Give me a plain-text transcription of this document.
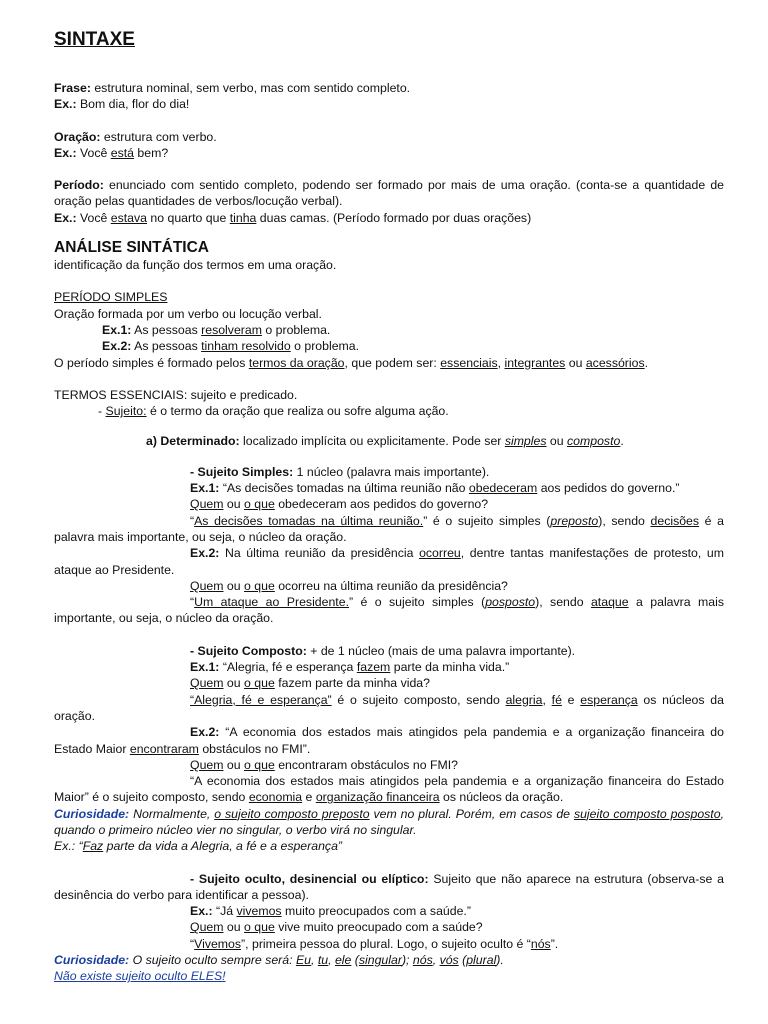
SINTAXE

Frase: estrutura nominal, sem verbo, mas com sentido completo.

Ex.: Bom dia, flor do dia!

Oração: estrutura com verbo.

Ex.: Você está bem?

Período: enunciado com sentido completo, podendo ser formado por mais de uma oração. (conta-se a quantidade de oração pelas quantidades de verbos/locução verbal).

Ex.: Você estava no quarto que tinha duas camas. (Período formado por duas orações)

ANÁLISE SINTÁTICA

identificação da função dos termos em uma oração.

PERÍODO SIMPLES

Oração formada por um verbo ou locução verbal.

Ex.1: As pessoas resolveram o problema.

Ex.2: As pessoas tinham resolvido o problema.

O período simples é formado pelos termos da oração, que podem ser: essenciais, integrantes ou acessórios.

TERMOS ESSENCIAIS: sujeito e predicado.

- Sujeito: é o termo da oração que realiza ou sofre alguma ação.

a) Determinado: localizado implícita ou explicitamente. Pode ser simples ou composto.

- Sujeito Simples: 1 núcleo (palavra mais importante).

Ex.1: “As decisões tomadas na última reunião não obedeceram aos pedidos do governo.”

Quem ou o que obedeceram aos pedidos do governo?

“As decisões tomadas na última reunião.” é o sujeito simples (preposto), sendo decisões é a palavra mais importante, ou seja, o núcleo da oração.

Ex.2: Na última reunião da presidência ocorreu, dentre tantas manifestações de protesto, um ataque ao Presidente.

Quem ou o que ocorreu na última reunião da presidência?

“Um ataque ao Presidente.” é o sujeito simples (posposto), sendo ataque a palavra mais importante, ou seja, o núcleo da oração.

- Sujeito Composto: + de 1 núcleo (mais de uma palavra importante).

Ex.1: “Alegria, fé e esperança fazem parte da minha vida.”

Quem ou o que fazem parte da minha vida?

“Alegria, fé e esperança” é o sujeito composto, sendo alegria, fé e esperança os núcleos da oração.

Ex.2: “A economia dos estados mais atingidos pela pandemia e a organização financeira do Estado Maior encontraram obstáculos no FMI”.

Quem ou o que encontraram obstáculos no FMI?

“A economia dos estados mais atingidos pela pandemia e a organização financeira do Estado Maior” é o sujeito composto, sendo economia e organização financeira os núcleos da oração.

Curiosidade: Normalmente, o sujeito composto preposto vem no plural. Porém, em casos de sujeito composto posposto, quando o primeiro núcleo vier no singular, o verbo virá no singular.

Ex.: “Faz parte da vida a Alegria, a fé e a esperança”

- Sujeito oculto, desinencial ou elíptico: Sujeito que não aparece na estrutura (observa-se a desinência do verbo para identificar a pessoa).

Ex.: “Já vivemos muito preocupados com a saúde.”

Quem ou o que vive muito preocupado com a saúde?

“Vivemos”, primeira pessoa do plural. Logo, o sujeito oculto é “nós”.

Curiosidade: O sujeito oculto sempre será: Eu, tu, ele (singular); nós, vós (plural).

Não existe sujeito oculto ELES!
